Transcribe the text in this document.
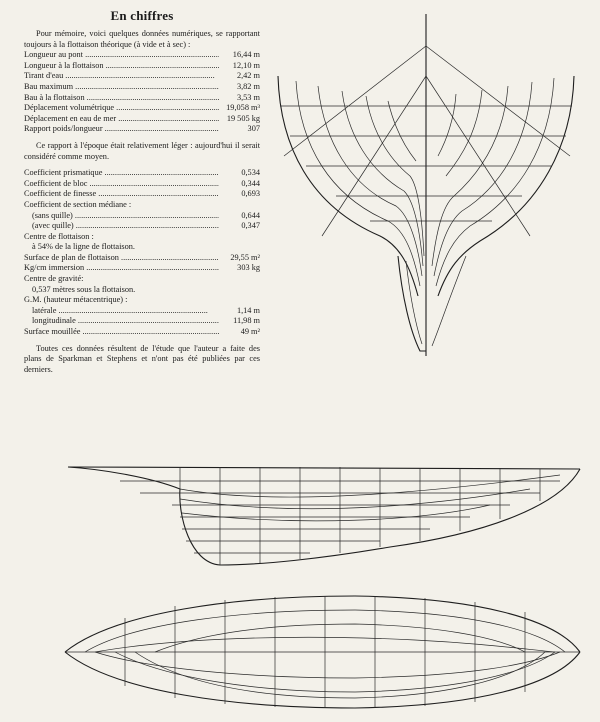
En chiffres

Pour mémoire, voici quelques données numériques, se rapportant toujours à la flottaison théorique (à vide et à sec) :

Longueur au pont .....	16,44 m
Longueur à la flottaison .....	12,10 m
Tirant d'eau .....	2,42 m
Bau maximum .....	3,82 m
Bau à la flottaison .....	3,53 m
Déplacement volumétrique .....	19,058 m³
Déplacement en eau de mer .....	19 505 kg
Rapport poids/longueur .....	307

Ce rapport à l'époque était relativement léger : aujourd'hui il serait considéré comme moyen.

Coefficient prismatique .....	0,534
Coefficient de bloc .....	0,344
Coefficient de finesse .....	0,693
Coefficient de section médiane :
(sans quille) .....	0,644
(avec quille) .....	0,347
Centre de flottaison :
à 54% de la ligne de flottaison.
Surface de plan de flottaison .....	29,55 m²
Kg/cm immersion .....	303 kg
Centre de gravité:
0,537 mètres sous la flottaison.
G.M. (hauteur métacentrique) :
latérale .....	1,14 m
longitudinale .....	11,98 m
Surface mouillée .....	49 m²

Toutes ces données résultent de l'étude que l'auteur a faite des plans de Sparkman et Stephens et n'ont pas été publiées par ces derniers.
